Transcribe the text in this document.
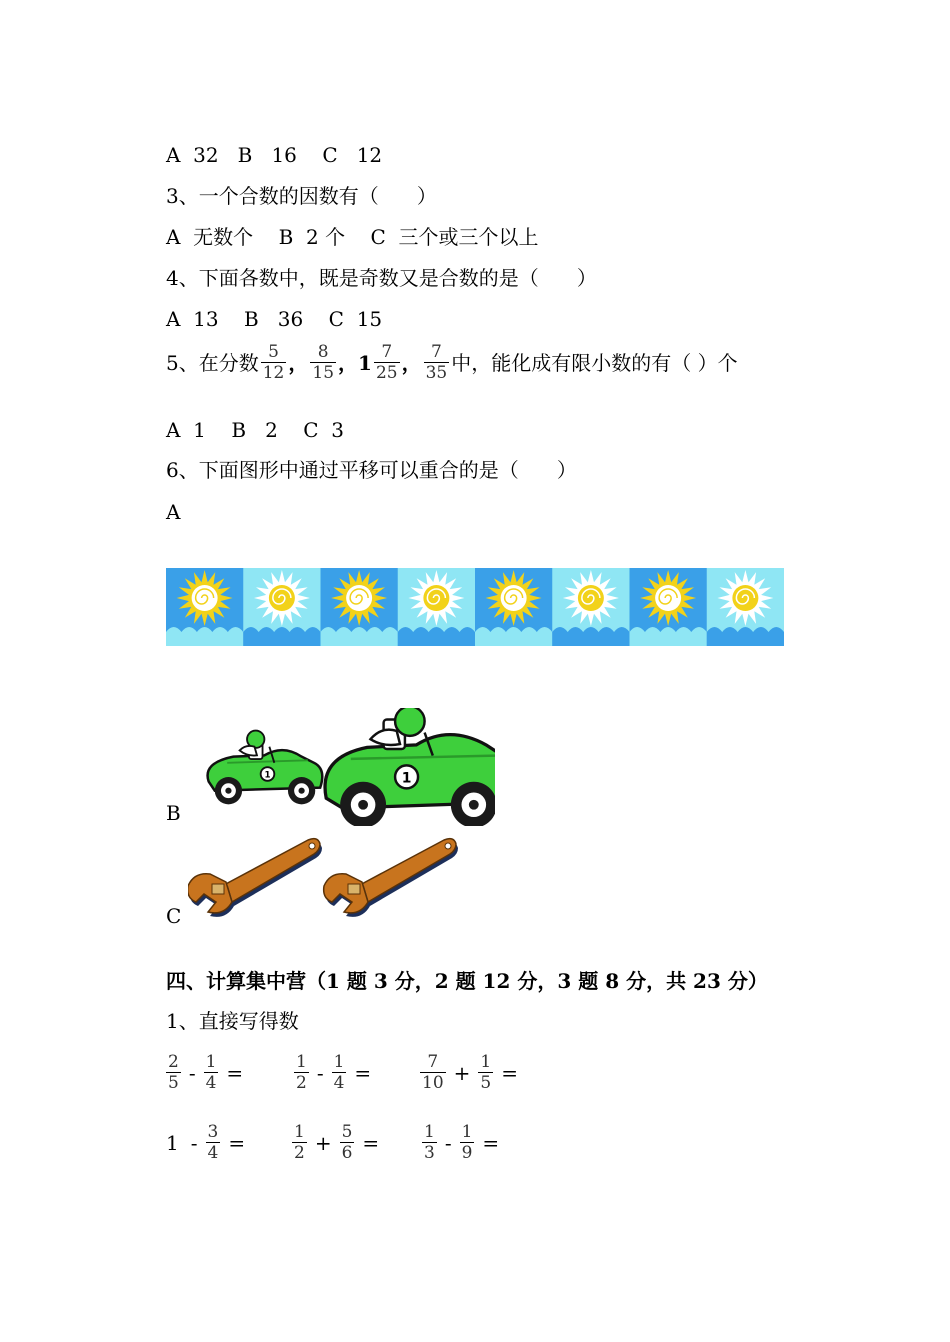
A  32   B   16    C   12
3、一个合数的因数有（      ）
A  无数个    B  2 个    C  三个或三个以上
4、下面各数中，既是奇数又是合数的是（      ）
A  13    B   36    C  15
5、在分数 $\frac{5}{12}$ ， $\frac{8}{15}$ ，$1 \frac{7}{25}$ ， $\frac{7}{35}$ 中，能化成有限小数的有（ ）个
A  1    B   2    C  3
6、下面图形中通过平移可以重合的是（      ）
A
B
1	1
C
四、计算集中营（1 题 3 分，2 题 12 分，3 题 8 分，共 23 分）
1、直接写得数
$\frac{2}{5} - \frac{1}{4}$ =	$\frac{1}{2} - \frac{1}{4}$ =	$\frac{7}{10} + \frac{1}{5}$ =
$1 - \frac{3}{4}$ =	$\frac{1}{2} + \frac{5}{6}$ =	$\frac{1}{3} - \frac{1}{9}$ =
